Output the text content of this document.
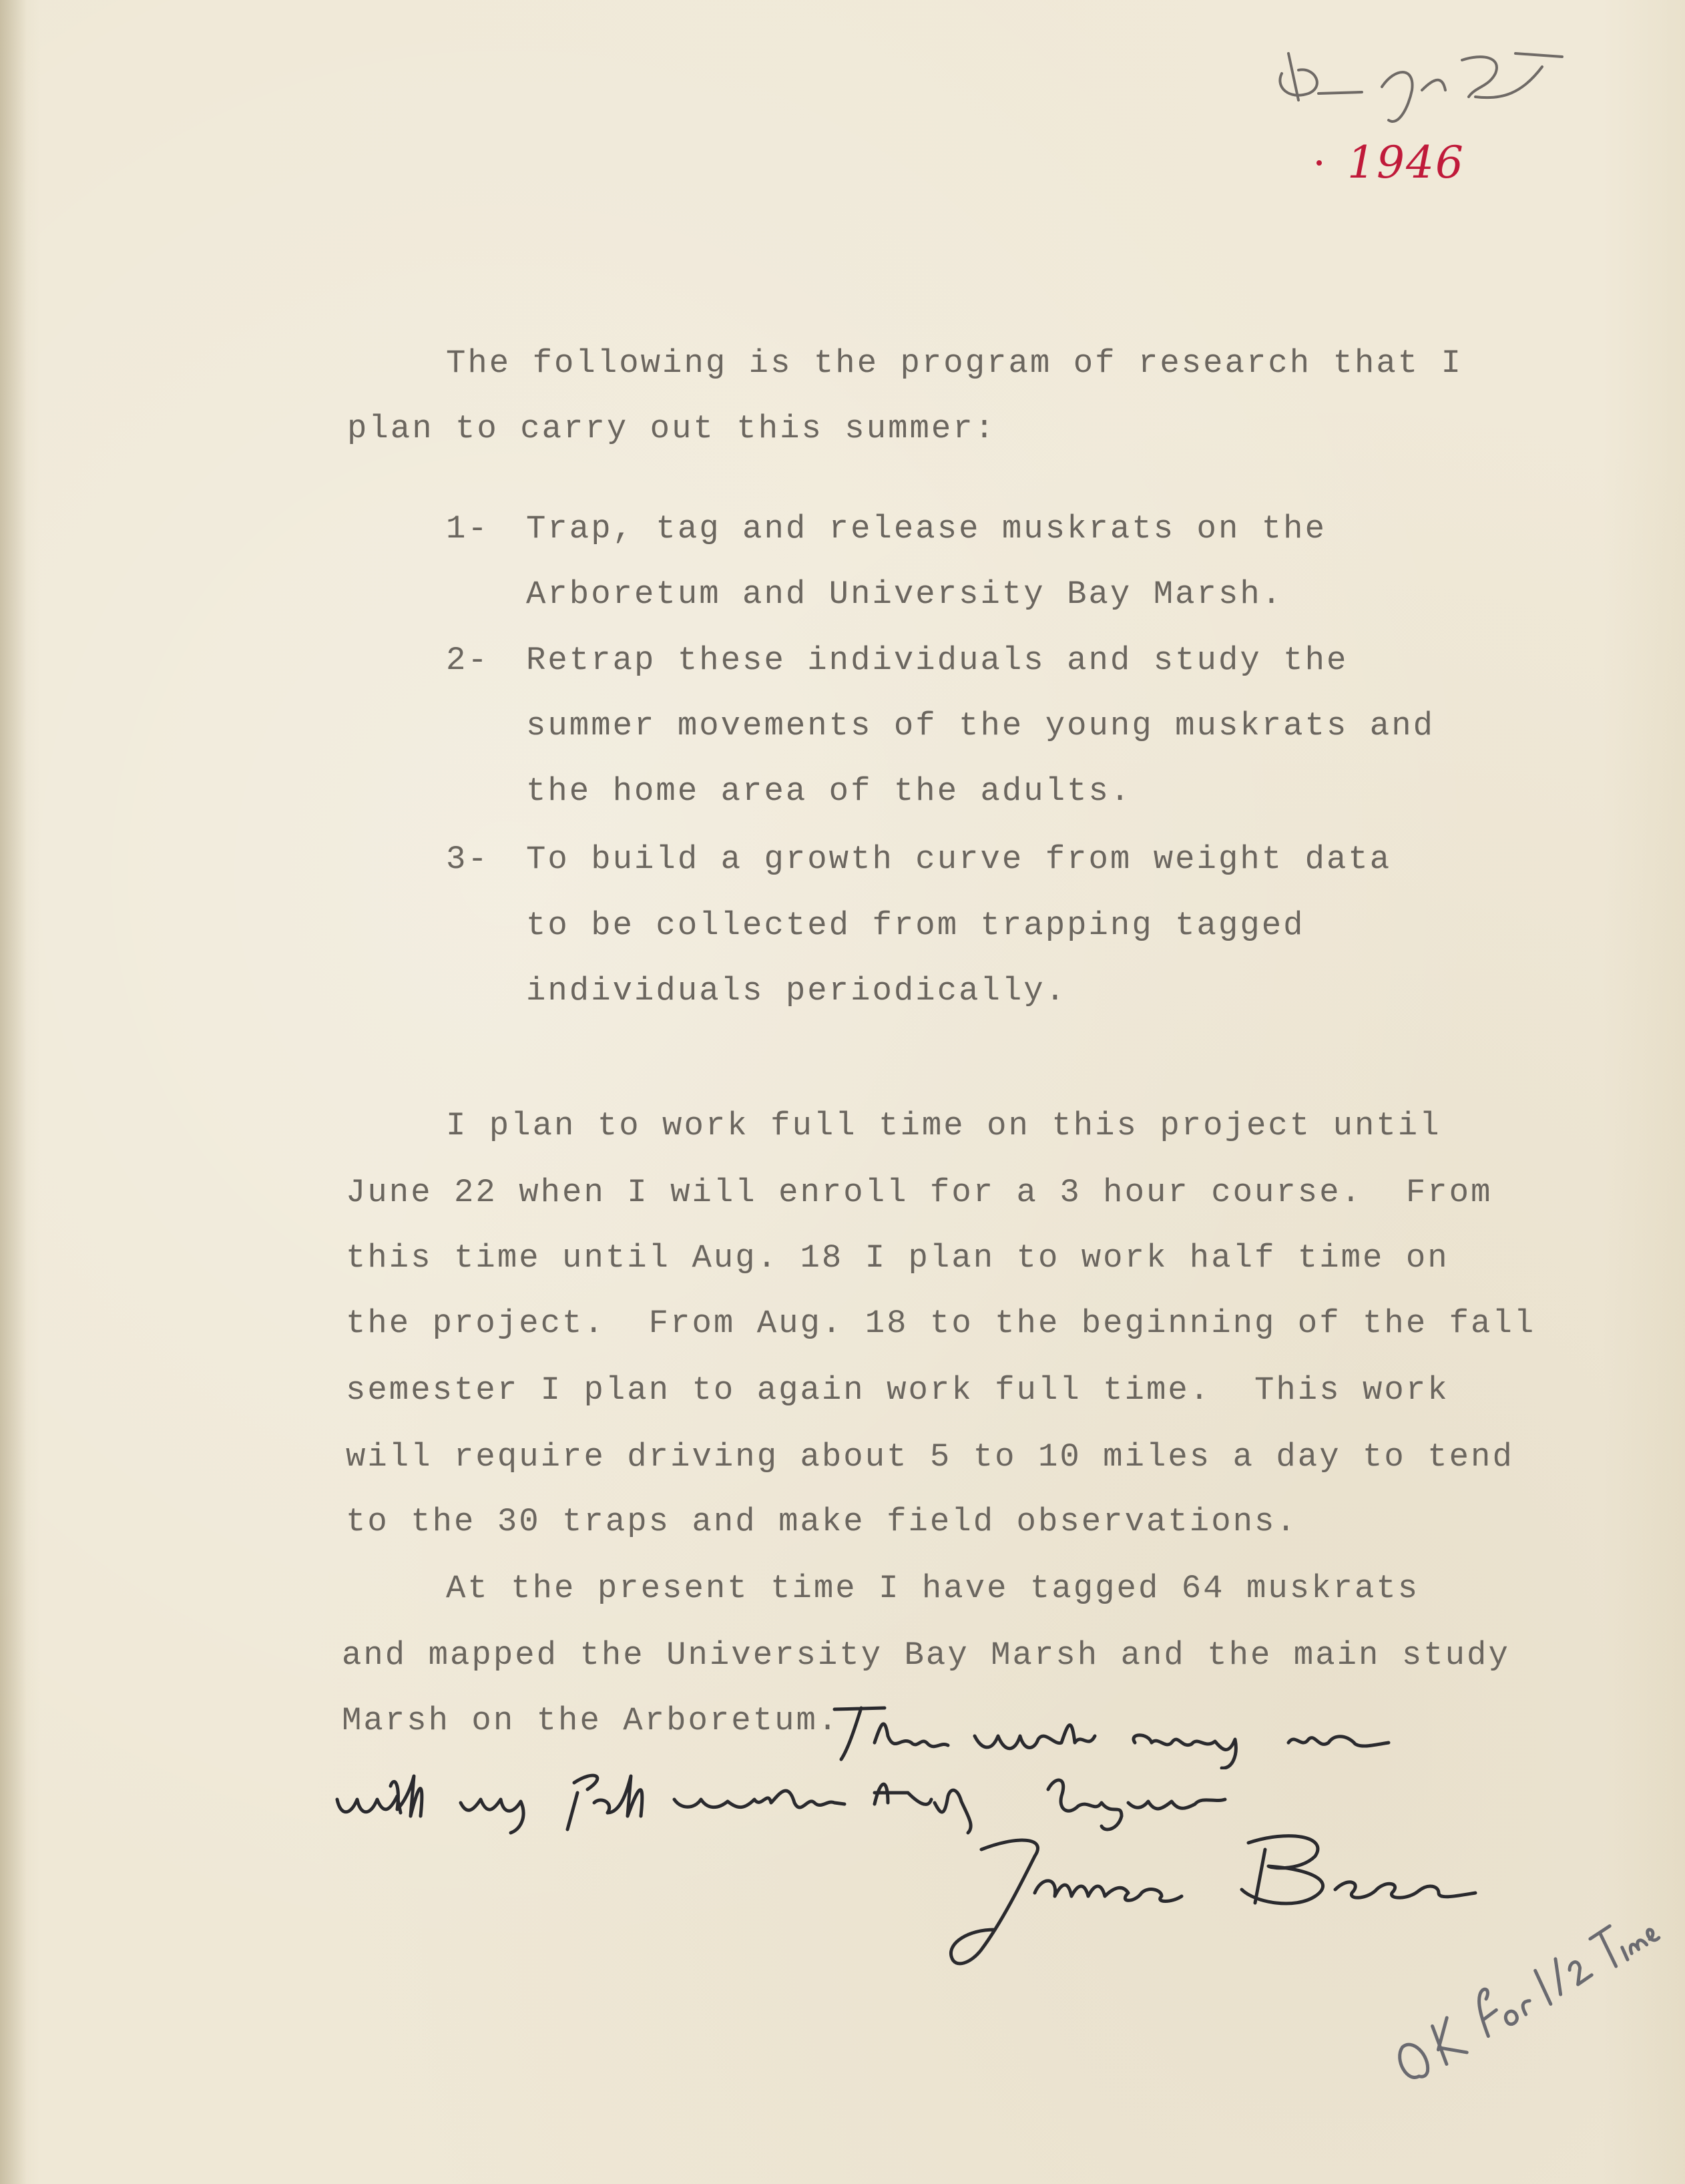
1946
The following is the program of research that I
plan to carry out this summer:
1- Trap, tag and release muskrats on the
Arboretum and University Bay Marsh.
2- Retrap these individuals and study the
summer movements of the young muskrats and
the home area of the adults.
3- To build a growth curve from weight data
to be collected from trapping tagged
individuals periodically.
I plan to work full time on this project until
June 22 when I will enroll for a 3 hour course.  From
this time until Aug. 18 I plan to work half time on
the project.  From Aug. 18 to the beginning of the fall
semester I plan to again work full time.  This work
will require driving about 5 to 10 miles a day to tend
to the 30 traps and make field observations.
At the present time I have tagged 64 muskrats
and mapped the University Bay Marsh and the main study
Marsh on the Arboretum.
